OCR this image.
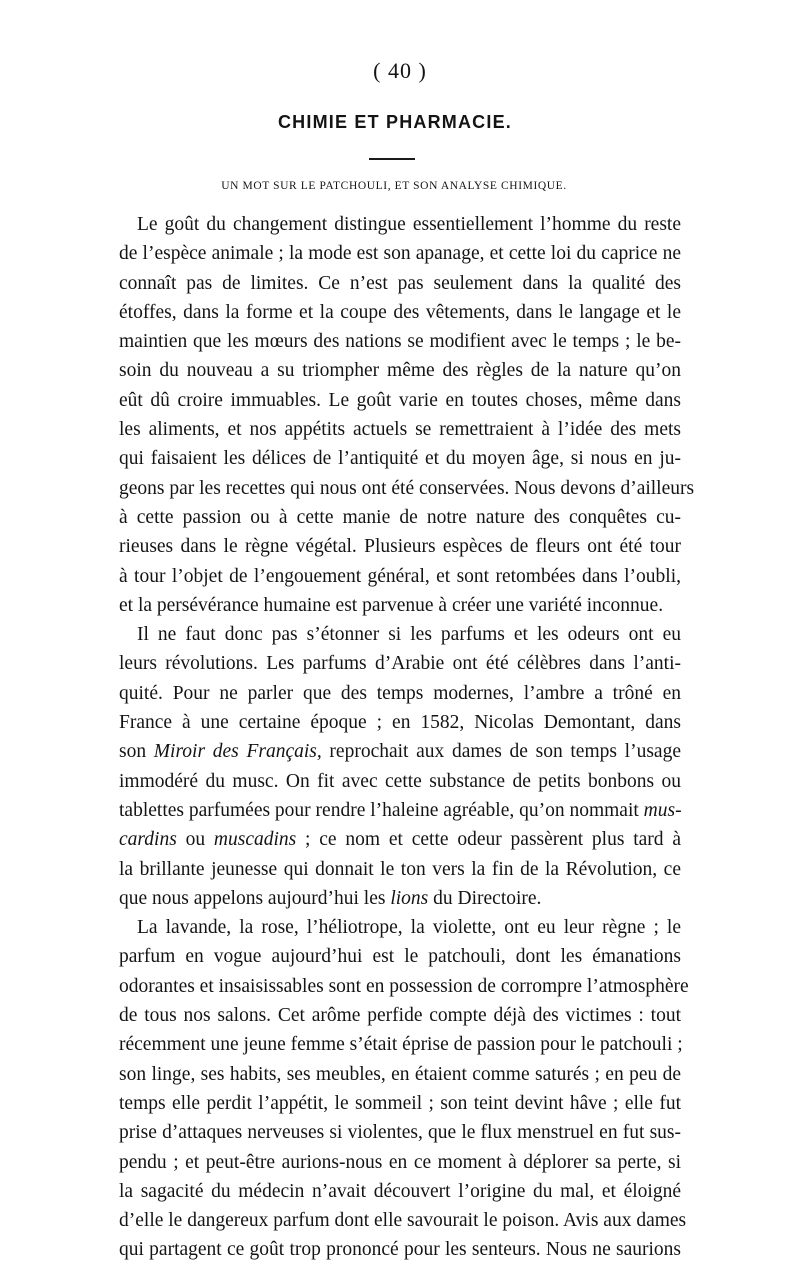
( 40 )
CHIMIE ET PHARMACIE.
UN MOT SUR LE PATCHOULI, ET SON ANALYSE CHIMIQUE.
Le goût du changement distingue essentiellement l’homme du reste
de l’espèce animale ; la mode est son apanage, et cette loi du caprice ne
connaît pas de limites. Ce n’est pas seulement dans la qualité des
étoffes, dans la forme et la coupe des vêtements, dans le langage et le
maintien que les mœurs des nations se modifient avec le temps ; le be-
soin du nouveau a su triompher même des règles de la nature qu’on
eût dû croire immuables. Le goût varie en toutes choses, même dans
les aliments, et nos appétits actuels se remettraient à l’idée des mets
qui faisaient les délices de l’antiquité et du moyen âge, si nous en ju-
geons par les recettes qui nous ont été conservées. Nous devons d’ailleurs
à cette passion ou à cette manie de notre nature des conquêtes cu-
rieuses dans le règne végétal. Plusieurs espèces de fleurs ont été tour
à tour l’objet de l’engouement général, et sont retombées dans l’oubli,
et la persévérance humaine est parvenue à créer une variété inconnue.
Il ne faut donc pas s’étonner si les parfums et les odeurs ont eu
leurs révolutions. Les parfums d’Arabie ont été célèbres dans l’anti-
quité. Pour ne parler que des temps modernes, l’ambre a trôné en
France à une certaine époque ; en 1582, Nicolas Demontant, dans
son Miroir des Français, reprochait aux dames de son temps l’usage
immodéré du musc. On fit avec cette substance de petits bonbons ou
tablettes parfumées pour rendre l’haleine agréable, qu’on nommait mus-
cardins ou muscadins ; ce nom et cette odeur passèrent plus tard à
la brillante jeunesse qui donnait le ton vers la fin de la Révolution, ce
que nous appelons aujourd’hui les lions du Directoire.
La lavande, la rose, l’héliotrope, la violette, ont eu leur règne ; le
parfum en vogue aujourd’hui est le patchouli, dont les émanations
odorantes et insaisissables sont en possession de corrompre l’atmosphère
de tous nos salons. Cet arôme perfide compte déjà des victimes : tout
récemment une jeune femme s’était éprise de passion pour le patchouli ;
son linge, ses habits, ses meubles, en étaient comme saturés ; en peu de
temps elle perdit l’appétit, le sommeil ; son teint devint hâve ; elle fut
prise d’attaques nerveuses si violentes, que le flux menstruel en fut sus-
pendu ; et peut-être aurions-nous en ce moment à déplorer sa perte, si
la sagacité du médecin n’avait découvert l’origine du mal, et éloigné
d’elle le dangereux parfum dont elle savourait le poison. Avis aux dames
qui partagent ce goût trop prononcé pour les senteurs. Nous ne saurions
